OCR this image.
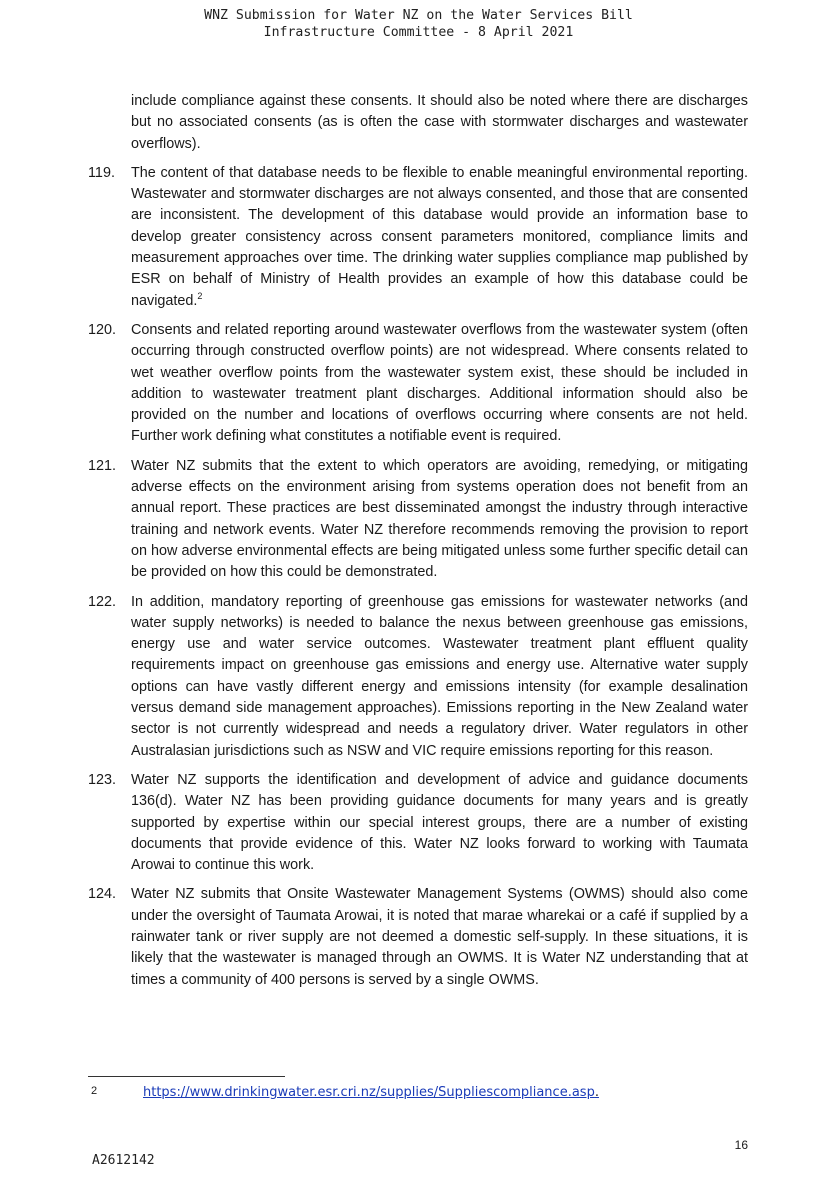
WNZ Submission for Water NZ on the Water Services Bill
Infrastructure Committee - 8 April 2021

include compliance against these consents. It should also be noted where there are discharges but no associated consents (as is often the case with stormwater discharges and wastewater overflows).

119. The content of that database needs to be flexible to enable meaningful environmental reporting. Wastewater and stormwater discharges are not always consented, and those that are consented are inconsistent. The development of this database would provide an information base to develop greater consistency across consent parameters monitored, compliance limits and measurement approaches over time. The drinking water supplies compliance map published by ESR on behalf of Ministry of Health provides an example of how this database could be navigated.$^2$

120. Consents and related reporting around wastewater overflows from the wastewater system (often occurring through constructed overflow points) are not widespread. Where consents related to wet weather overflow points from the wastewater system exist, these should be included in addition to wastewater treatment plant discharges. Additional information should also be provided on the number and locations of overflows occurring where consents are not held. Further work defining what constitutes a notifiable event is required.

121. Water NZ submits that the extent to which operators are avoiding, remedying, or mitigating adverse effects on the environment arising from systems operation does not benefit from an annual report. These practices are best disseminated amongst the industry through interactive training and network events. Water NZ therefore recommends removing the provision to report on how adverse environmental effects are being mitigated unless some further specific detail can be provided on how this could be demonstrated.

122. In addition, mandatory reporting of greenhouse gas emissions for wastewater networks (and water supply networks) is needed to balance the nexus between greenhouse gas emissions, energy use and water service outcomes. Wastewater treatment plant effluent quality requirements impact on greenhouse gas emissions and energy use. Alternative water supply options can have vastly different energy and emissions intensity (for example desalination versus demand side management approaches). Emissions reporting in the New Zealand water sector is not currently widespread and needs a regulatory driver. Water regulators in other Australasian jurisdictions such as NSW and VIC require emissions reporting for this reason.

123. Water NZ supports the identification and development of advice and guidance documents 136(d). Water NZ has been providing guidance documents for many years and is greatly supported by expertise within our special interest groups, there are a number of existing documents that provide evidence of this. Water NZ looks forward to working with Taumata Arowai to continue this work.

124. Water NZ submits that Onsite Wastewater Management Systems (OWMS) should also come under the oversight of Taumata Arowai, it is noted that marae wharekai or a café if supplied by a rainwater tank or river supply are not deemed a domestic self-supply. In these situations, it is likely that the wastewater is managed through an OWMS. It is Water NZ understanding that at times a community of 400 persons is served by a single OWMS.

2	https://www.drinkingwater.esr.cri.nz/supplies/Suppliescompliance.asp.
16
A2612142
